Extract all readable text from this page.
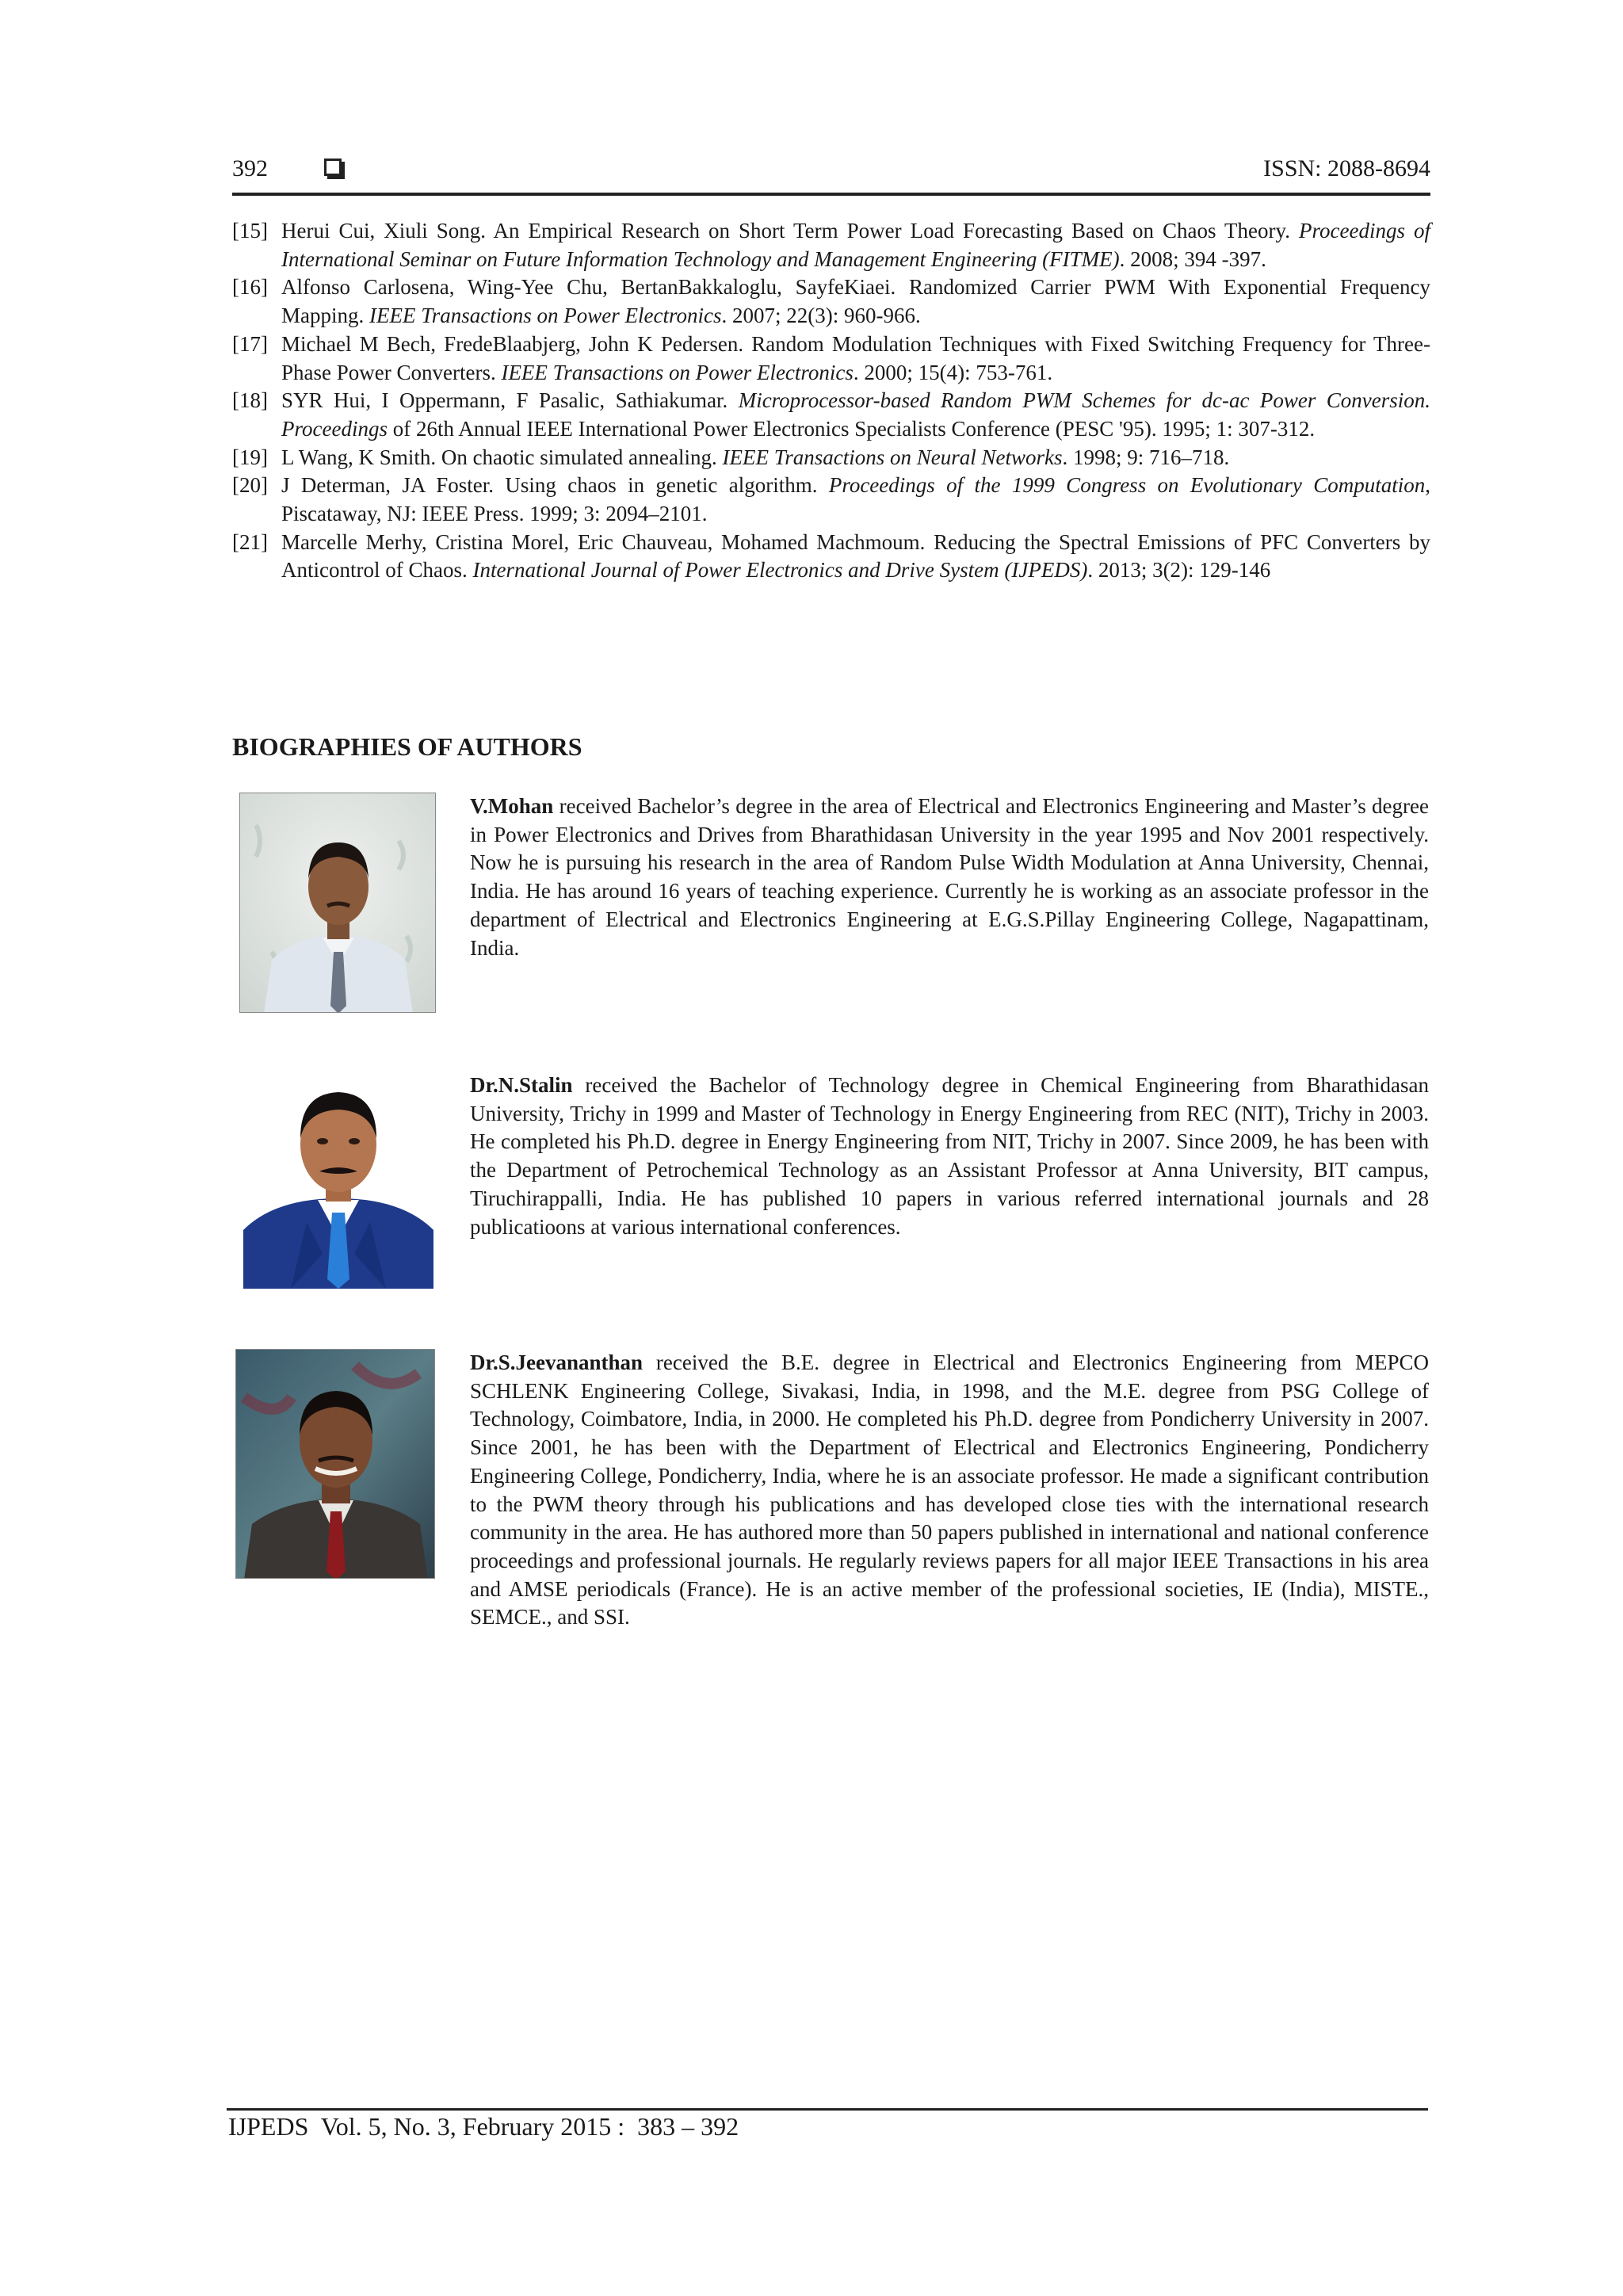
392	ISSN: 2088-8694
[15] Herui Cui, Xiuli Song. An Empirical Research on Short Term Power Load Forecasting Based on Chaos Theory. Proceedings of International Seminar on Future Information Technology and Management Engineering (FITME). 2008; 394 -397.
[16] Alfonso Carlosena, Wing-Yee Chu, BertanBakkaloglu, SayfeKiaei. Randomized Carrier PWM With Exponential Frequency Mapping. IEEE Transactions on Power Electronics. 2007; 22(3): 960-966.
[17] Michael M Bech, FredeBlaabjerg, John K Pedersen. Random Modulation Techniques with Fixed Switching Frequency for Three-Phase Power Converters. IEEE Transactions on Power Electronics. 2000; 15(4): 753-761.
[18] SYR Hui, I Oppermann, F Pasalic, Sathiakumar. Microprocessor-based Random PWM Schemes for dc-ac Power Conversion. Proceedings of 26th Annual IEEE International Power Electronics Specialists Conference (PESC '95). 1995; 1: 307-312.
[19] L Wang, K Smith. On chaotic simulated annealing. IEEE Transactions on Neural Networks. 1998; 9: 716–718.
[20] J Determan, JA Foster. Using chaos in genetic algorithm. Proceedings of the 1999 Congress on Evolutionary Computation, Piscataway, NJ: IEEE Press. 1999; 3: 2094–2101.
[21] Marcelle Merhy, Cristina Morel, Eric Chauveau, Mohamed Machmoum. Reducing the Spectral Emissions of PFC Converters by Anticontrol of Chaos. International Journal of Power Electronics and Drive System (IJPEDS). 2013; 3(2): 129-146
BIOGRAPHIES OF AUTHORS

V.Mohan received Bachelor’s degree in the area of Electrical and Electronics Engineering and Master’s degree in Power Electronics and Drives from Bharathidasan University in the year 1995 and Nov 2001 respectively. Now he is pursuing his research in the area of Random Pulse Width Modulation at Anna University, Chennai, India. He has around 16 years of teaching experience. Currently he is working as an associate professor in the department of Electrical and Electronics Engineering at E.G.S.Pillay Engineering College, Nagapattinam, India.

Dr.N.Stalin received the Bachelor of Technology degree in Chemical Engineering from Bharathidasan University, Trichy in 1999 and Master of Technology in Energy Engineering from REC (NIT), Trichy in 2003. He completed his Ph.D. degree in Energy Engineering from NIT, Trichy in 2007. Since 2009, he has been with the Department of Petrochemical Technology as an Assistant Professor at Anna University, BIT campus, Tiruchirappalli, India. He has published 10 papers in various referred international journals and 28 publicatioons at various international conferences.

Dr.S.Jeevananthan received the B.E. degree in Electrical and Electronics Engineering from MEPCO SCHLENK Engineering College, Sivakasi, India, in 1998, and the M.E. degree from PSG College of Technology, Coimbatore, India, in 2000. He completed his Ph.D. degree from Pondicherry University in 2007. Since 2001, he has been with the Department of Electrical and Electronics Engineering, Pondicherry Engineering College, Pondicherry, India, where he is an associate professor. He made a significant contribution to the PWM theory through his publications and has developed close ties with the international research community in the area. He has authored more than 50 papers published in international and national conference proceedings and professional journals. He regularly reviews papers for all major IEEE Transactions in his area and AMSE periodicals (France). He is an active member of the professional societies, IE (India), MISTE., SEMCE., and SSI.

IJPEDS  Vol. 5, No. 3, February 2015 :  383 – 392
